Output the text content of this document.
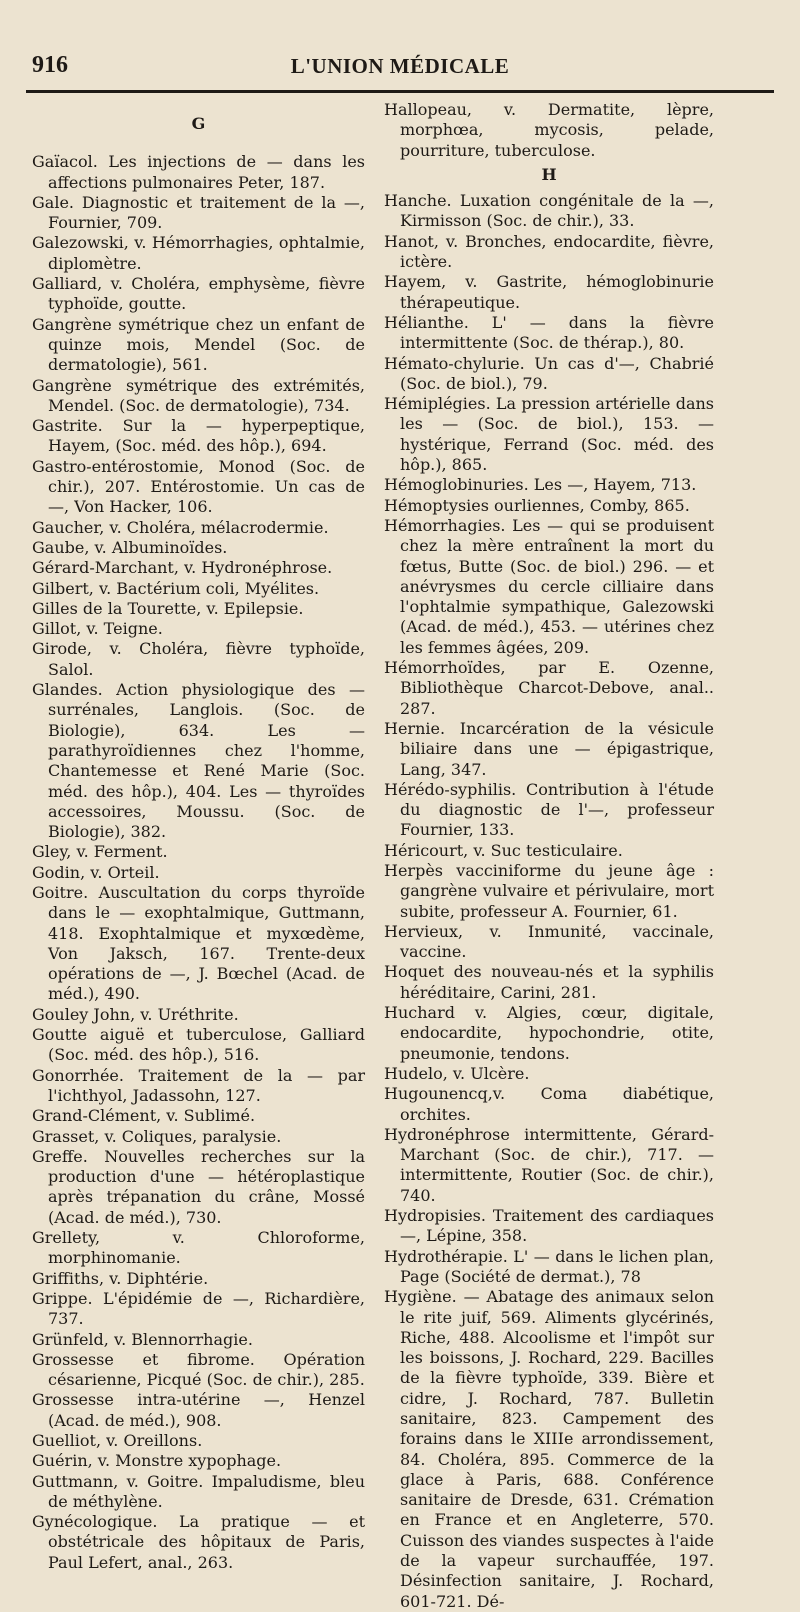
916	L'UNION MÉDICALE
G

Gaïacol. Les injections de — dans les affections pulmonaires Peter, 187.

Gale. Diagnostic et traitement de la —, Fournier, 709.

Galezowski, v. Hémorrhagies, ophtalmie, diplomètre.

Galliard, v. Choléra, emphysème, fièvre typhoïde, goutte.

Gangrène symétrique chez un enfant de quinze mois, Mendel (Soc. de dermatologie), 561.

Gangrène symétrique des extrémités, Mendel. (Soc. de dermatologie), 734.

Gastrite. Sur la — hyperpeptique, Hayem, (Soc. méd. des hôp.), 694.

Gastro-entérostomie, Monod (Soc. de chir.), 207. Entérostomie. Un cas de —, Von Hacker, 106.

Gaucher, v. Choléra, mélacrodermie.

Gaube, v. Albuminoïdes.

Gérard-Marchant, v. Hydronéphrose.

Gilbert, v. Bactérium coli, Myélites.

Gilles de la Tourette, v. Epilepsie.

Gillot, v. Teigne.

Girode, v. Choléra, fièvre typhoïde, Salol.

Glandes. Action physiologique des — surrénales, Langlois. (Soc. de Biologie), 634. Les — parathyroïdiennes chez l'homme, Chantemesse et René Marie (Soc. méd. des hôp.), 404. Les — thyroïdes accessoires, Moussu. (Soc. de Biologie), 382.

Gley, v. Ferment.

Godin, v. Orteil.

Goitre. Auscultation du corps thyroïde dans le — exophtalmique, Guttmann, 418. Exophtalmique et myxœdème, Von Jaksch, 167. Trente-deux opérations de —, J. Bœchel (Acad. de méd.), 490.

Gouley John, v. Uréthrite.

Goutte aiguë et tuberculose, Galliard (Soc. méd. des hôp.), 516.

Gonorrhée. Traitement de la — par l'ichthyol, Jadassohn, 127.

Grand-Clément, v. Sublimé.

Grasset, v. Coliques, paralysie.

Greffe. Nouvelles recherches sur la production d'une — hétéroplastique après trépanation du crâne, Mossé (Acad. de méd.), 730.

Grellety, v. Chloroforme, morphinomanie.

Griffiths, v. Diphtérie.

Grippe. L'épidémie de —, Richardière, 737.

Grünfeld, v. Blennorrhagie.

Grossesse et fibrome. Opération césarienne, Picqué (Soc. de chir.), 285.

Grossesse intra-utérine —, Henzel (Acad. de méd.), 908.

Guelliot, v. Oreillons.

Guérin, v. Monstre xypophage.

Guttmann, v. Goitre. Impaludisme, bleu de méthylène.

Gynécologique. La pratique — et obstétricale des hôpitaux de Paris, Paul Lefert, anal., 263.

Hallopeau, v. Dermatite, lèpre, morphœa, mycosis, pelade, pourriture, tuberculose.

H

Hanche. Luxation congénitale de la —, Kirmisson (Soc. de chir.), 33.

Hanot, v. Bronches, endocardite, fièvre, ictère.

Hayem, v. Gastrite, hémoglobinurie thérapeutique.

Hélianthe. L' — dans la fièvre intermittente (Soc. de thérap.), 80.

Hémato-chylurie. Un cas d'—, Chabrié (Soc. de biol.), 79.

Hémiplégies. La pression artérielle dans les — (Soc. de biol.), 153. — hystérique, Ferrand (Soc. méd. des hôp.), 865.

Hémoglobinuries. Les —, Hayem, 713.

Hémoptysies ourliennes, Comby, 865.

Hémorrhagies. Les — qui se produisent chez la mère entraînent la mort du fœtus, Butte (Soc. de biol.) 296. — et anévrysmes du cercle cilliaire dans l'ophtalmie sympathique, Galezowski (Acad. de méd.), 453. — utérines chez les femmes âgées, 209.

Hémorrhoïdes, par E. Ozenne, Bibliothèque Charcot-Debove, anal.. 287.

Hernie. Incarcération de la vésicule biliaire dans une — épigastrique, Lang, 347.

Hérédo-syphilis. Contribution à l'étude du diagnostic de l'—, professeur Fournier, 133.

Héricourt, v. Suc testiculaire.

Herpès vacciniforme du jeune âge : gangrène vulvaire et périvulaire, mort subite, professeur A. Fournier, 61.

Hervieux, v. Inmunité, vaccinale, vaccine.

Hoquet des nouveau-nés et la syphilis héréditaire, Carini, 281.

Huchard v. Algies, cœur, digitale, endocardite, hypochondrie, otite, pneumonie, tendons.

Hudelo, v. Ulcère.

Hugounencq,v. Coma diabétique, orchites.

Hydronéphrose intermittente, Gérard-Marchant (Soc. de chir.), 717. — intermittente, Routier (Soc. de chir.), 740.

Hydropisies. Traitement des cardiaques —, Lépine, 358.

Hydrothérapie. L' — dans le lichen plan, Page (Société de dermat.), 78

Hygiène. — Abatage des animaux selon le rite juif, 569. Aliments glycérinés, Riche, 488. Alcoolisme et l'impôt sur les boissons, J. Rochard, 229. Bacilles de la fièvre typhoïde, 339. Bière et cidre, J. Rochard, 787. Bulletin sanitaire, 823. Campement des forains dans le XIIIe arrondissement, 84. Choléra, 895. Commerce de la glace à Paris, 688. Conférence sanitaire de Dresde, 631. Crémation en France et en Angleterre, 570. Cuisson des viandes suspectes à l'aide de la vapeur surchauffée, 197. Désinfection sanitaire, J. Rochard, 601-721. Dé-
